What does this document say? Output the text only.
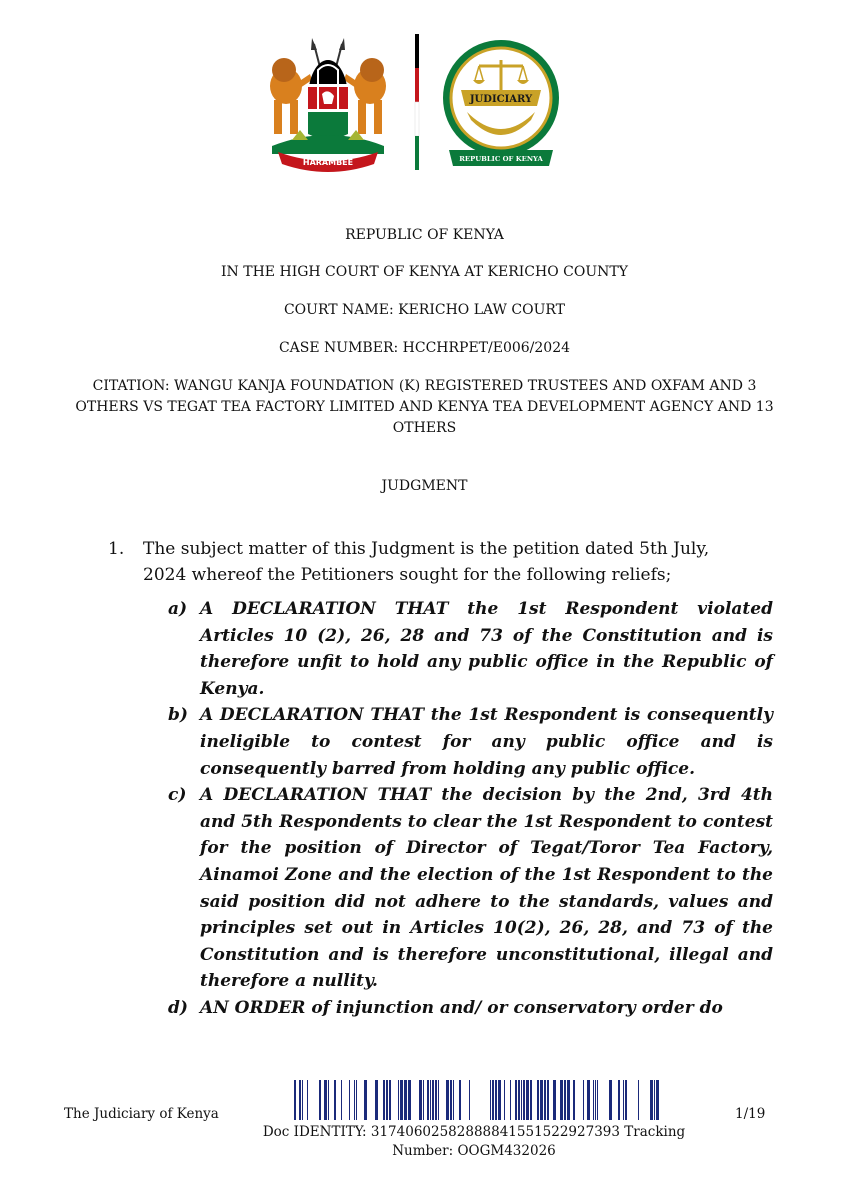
HARAMBEE
JUDICIARY
REPUBLIC OF KENYA
REPUBLIC OF KENYA
IN THE HIGH COURT OF KENYA AT KERICHO COUNTY
COURT NAME: KERICHO LAW COURT
CASE NUMBER: HCCHRPET/E006/2024
CITATION: WANGU KANJA FOUNDATION (K) REGISTERED TRUSTEES AND OXFAM AND 3 OTHERS VS TEGAT TEA FACTORY LIMITED AND KENYA TEA DEVELOPMENT AGENCY AND 13 OTHERS
JUDGMENT
1. The subject matter of this Judgment is the petition dated 5th July, 2024 whereof the Petitioners sought for the following reliefs;
a) A DECLARATION THAT the 1st Respondent violated Articles 10 (2), 26, 28 and 73 of the Constitution and is therefore unfit to hold any public office in the Republic of Kenya.
b) A DECLARATION THAT the 1st Respondent is consequently ineligible to contest for any public office and is consequently barred from holding any public office.
c) A DECLARATION THAT the decision by the 2nd, 3rd 4th and 5th Respondents to clear the 1st Respondent to contest for the position of Director of Tegat/Toror Tea Factory, Ainamoi Zone and the election of the 1st Respondent to the said position did not adhere to the standards, values and principles set out in Articles 10(2), 26, 28, and 73 of the Constitution and is therefore unconstitutional, illegal and therefore a nullity.
d) AN ORDER of injunction and/ or conservatory order do
The Judiciary of Kenya	1/19
Doc IDENTITY: 31740602582888841551522927393 Tracking Number: OOGM432026
